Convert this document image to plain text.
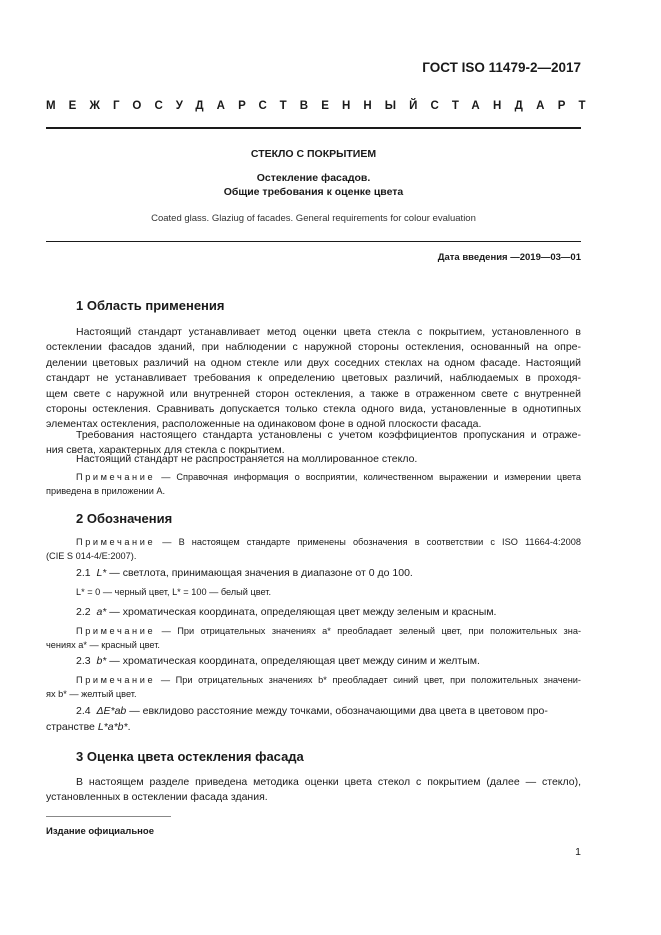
ГОСТ ISO 11479-2—2017
МЕЖГОСУДАРСТВЕННЫЙ СТАНДАРТ
СТЕКЛО С ПОКРЫТИЕМ
Остекление фасадов.
Общие требования к оценке цвета
Coated glass. Glaziug of facades. General requirements for colour evaluation
Дата введения —2019—03—01
1 Область применения
Настоящий стандарт устанавливает метод оценки цвета стекла с покрытием, установленного в
остеклении фасадов зданий, при наблюдении с наружной стороны остекления, основанный на опре-
делении цветовых различий на одном стекле или двух соседних стеклах на одном фасаде. Настоящий
стандарт не устанавливает требования к определению цветовых различий, наблюдаемых в проходя-
щем свете с наружной или внутренней сторон остекления, а также в отраженном свете с внутренней
стороны остекления. Сравнивать допускается только стекла одного вида, установленные в однотипных
элементах остекления, расположенные на одинаковом фоне в одной плоскости фасада.
Требования настоящего стандарта установлены с учетом коэффициентов пропускания и отраже-
ния света, характерных для стекла с покрытием.
Настоящий стандарт не распространяется на моллированное стекло.
Примечание — Справочная информация о восприятии, количественном выражении и измерении цвета
приведена в приложении А.
2 Обозначения
Примечание — В настоящем стандарте применены обозначения в соответствии с ISO 11664-4:2008
(CIE S 014-4/E:2007).
2.1 L* — светлота, принимающая значения в диапазоне от 0 до 100.
L* = 0 — черный цвет, L* = 100 — белый цвет.
2.2 a* — хроматическая координата, определяющая цвет между зеленым и красным.
Примечание — При отрицательных значениях a* преобладает зеленый цвет, при положительных зна-
чениях a* — красный цвет.
2.3 b* — хроматическая координата, определяющая цвет между синим и желтым.
Примечание — При отрицательных значениях b* преобладает синий цвет, при положительных значени-
ях b* — желтый цвет.
2.4 ΔE*ab — евклидово расстояние между точками, обозначающими два цвета в цветовом про-
странстве L*a*b*.
3 Оценка цвета остекления фасада
В настоящем разделе приведена методика оценки цвета стекол с покрытием (далее — стекло),
установленных в остеклении фасада здания.
Издание официальное
1
